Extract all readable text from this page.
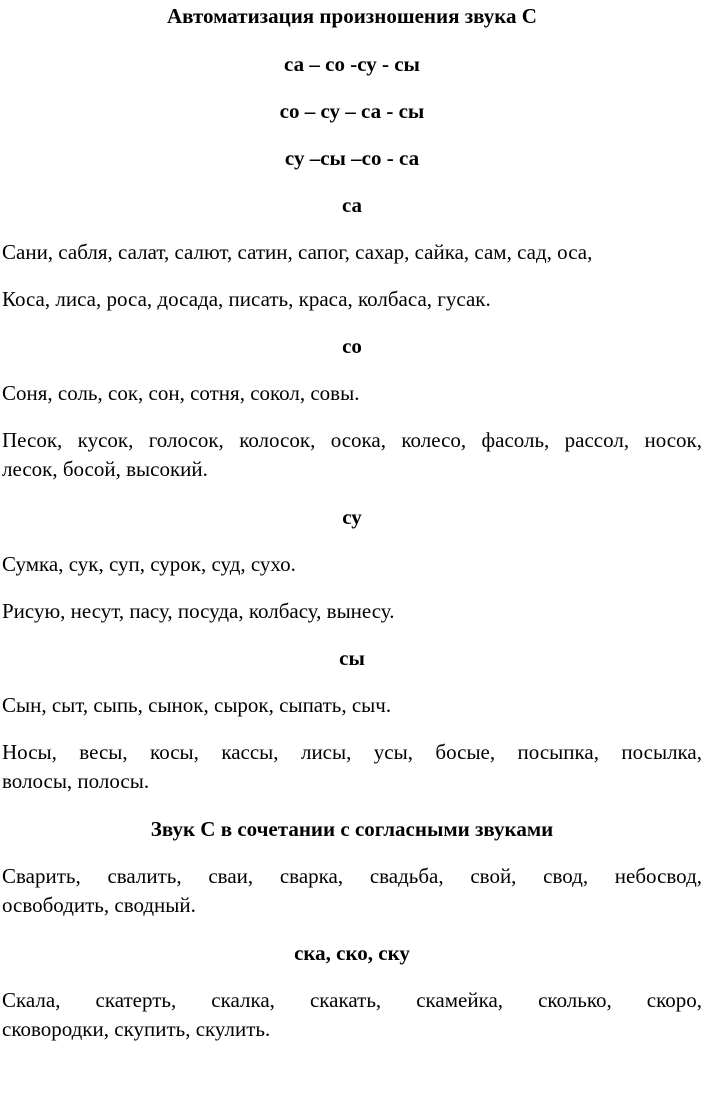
Автоматизация произношения звука С
са – со -су - сы
со – су – са - сы
су –сы –со - са
са
Сани, сабля, салат, салют, сатин, сапог, сахар, сайка, сам, сад, оса,
Коса, лиса, роса, досада, писать, краса, колбаса, гусак.
со
Соня, соль, сок, сон, сотня, сокол, совы.
Песок, кусок, голосок, колосок, осока, колесо, фасоль, рассол, носок,
лесок, босой, высокий.
су
Сумка, сук, суп, сурок, суд, сухо.
Рисую, несут, пасу, посуда, колбасу, вынесу.
сы
Сын, сыт, сыпь, сынок, сырок, сыпать, сыч.
Носы, весы, косы, кассы, лисы, усы, босые, посыпка, посылка,
волосы, полосы.
Звук С в сочетании с согласными звуками
Сварить, свалить, сваи, сварка, свадьба, свой, свод, небосвод,
освободить, сводный.
ска, ско, ску
Скала, скатерть, скалка, скакать, скамейка, сколько, скоро,
сковородки, скупить, скулить.
